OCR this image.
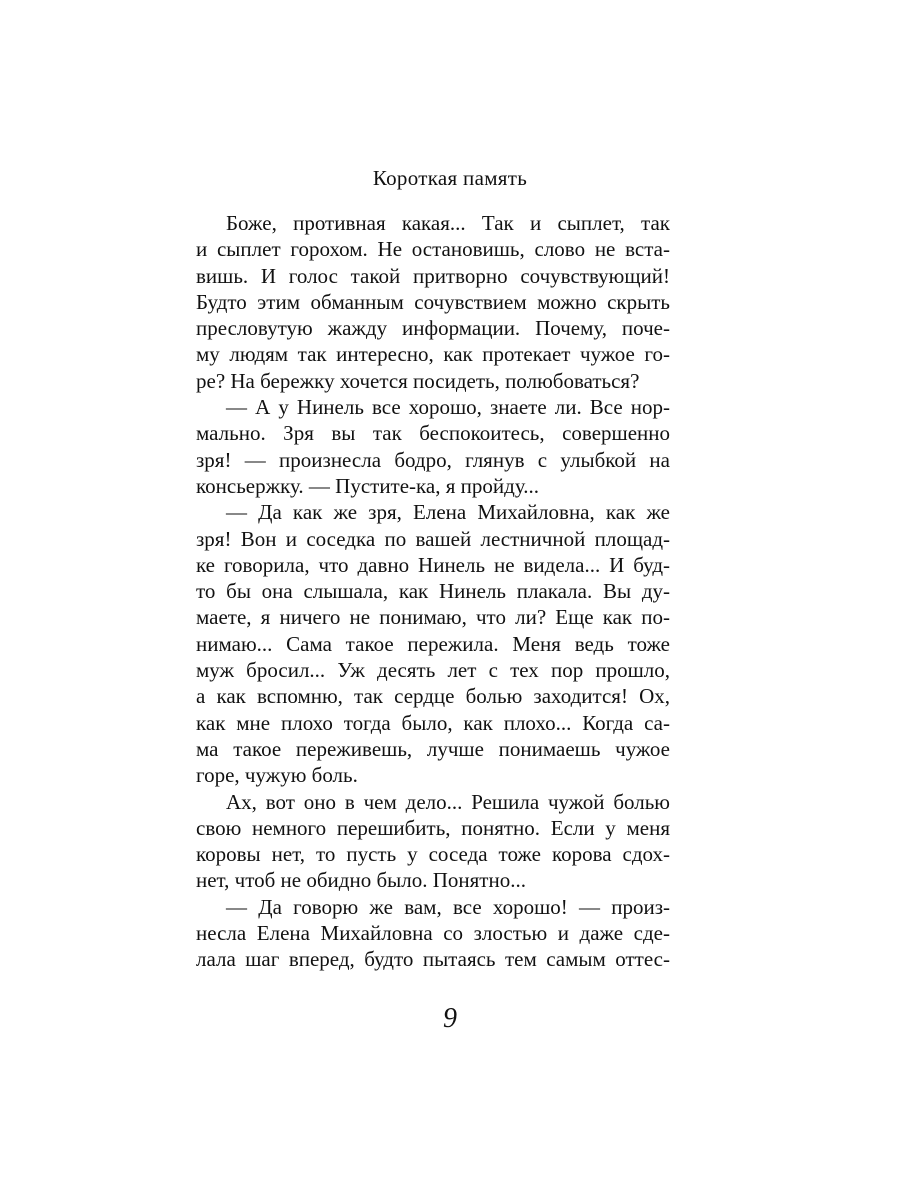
Короткая память
Боже, противная какая... Так и сыплет, так
и сыплет горохом. Не остановишь, слово не вста-
вишь. И голос такой притворно сочувствующий!
Будто этим обманным сочувствием можно скрыть
пресловутую жажду информации. Почему, поче-
му людям так интересно, как протекает чужое го-
ре? На бережку хочется посидеть, полюбоваться?
— А у Нинель все хорошо, знаете ли. Все нор-
мально. Зря вы так беспокоитесь, совершенно
зря! — произнесла бодро, глянув с улыбкой на
консьержку. — Пустите-ка, я пройду...
— Да как же зря, Елена Михайловна, как же
зря! Вон и соседка по вашей лестничной площад-
ке говорила, что давно Нинель не видела... И буд-
то бы она слышала, как Нинель плакала. Вы ду-
маете, я ничего не понимаю, что ли? Еще как по-
нимаю... Сама такое пережила. Меня ведь тоже
муж бросил... Уж десять лет с тех пор прошло,
а как вспомню, так сердце болью заходится! Ох,
как мне плохо тогда было, как плохо... Когда са-
ма такое переживешь, лучше понимаешь чужое
горе, чужую боль.
Ах, вот оно в чем дело... Решила чужой болью
свою немного перешибить, понятно. Если у меня
коровы нет, то пусть у соседа тоже корова сдох-
нет, чтоб не обидно было. Понятно...
— Да говорю же вам, все хорошо! — произ-
несла Елена Михайловна со злостью и даже сде-
лала шаг вперед, будто пытаясь тем самым оттес-
9
